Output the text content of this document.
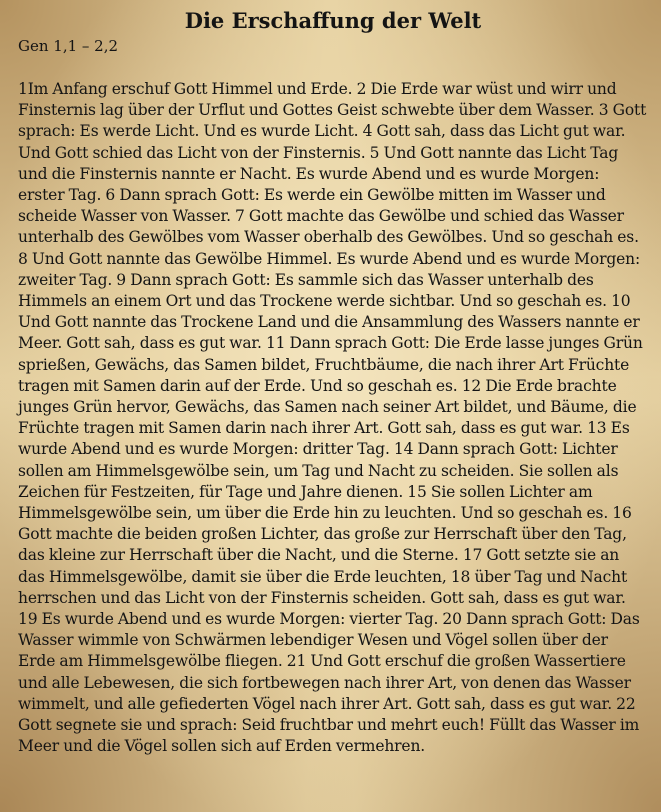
Die Erschaffung der Welt

Gen 1,1 – 2,2

1Im Anfang erschuf Gott Himmel und Erde. 2 Die Erde war wüst und wirr und Finsternis lag über der Urflut und Gottes Geist schwebte über dem Wasser. 3 Gott sprach: Es werde Licht. Und es wurde Licht. 4 Gott sah, dass das Licht gut war. Und Gott schied das Licht von der Finsternis. 5 Und Gott nannte das Licht Tag und die Finsternis nannte er Nacht. Es wurde Abend und es wurde Morgen: erster Tag. 6 Dann sprach Gott: Es werde ein Gewölbe mitten im Wasser und scheide Wasser von Wasser. 7 Gott machte das Gewölbe und schied das Wasser unterhalb des Gewölbes vom Wasser oberhalb des Gewölbes. Und so geschah es. 8 Und Gott nannte das Gewölbe Himmel. Es wurde Abend und es wurde Morgen: zweiter Tag. 9 Dann sprach Gott: Es sammle sich das Wasser unterhalb des Himmels an einem Ort und das Trockene werde sichtbar. Und so geschah es. 10 Und Gott nannte das Trockene Land und die Ansammlung des Wassers nannte er Meer. Gott sah, dass es gut war. 11 Dann sprach Gott: Die Erde lasse junges Grün sprießen, Gewächs, das Samen bildet, Fruchtbäume, die nach ihrer Art Früchte tragen mit Samen darin auf der Erde. Und so geschah es. 12 Die Erde brachte junges Grün hervor, Gewächs, das Samen nach seiner Art bildet, und Bäume, die Früchte tragen mit Samen darin nach ihrer Art. Gott sah, dass es gut war. 13 Es wurde Abend und es wurde Morgen: dritter Tag. 14 Dann sprach Gott: Lichter sollen am Himmelsgewölbe sein, um Tag und Nacht zu scheiden. Sie sollen als Zeichen für Festzeiten, für Tage und Jahre dienen. 15 Sie sollen Lichter am Himmelsgewölbe sein, um über die Erde hin zu leuchten. Und so geschah es. 16 Gott machte die beiden großen Lichter, das große zur Herrschaft über den Tag, das kleine zur Herrschaft über die Nacht, und die Sterne. 17 Gott setzte sie an das Himmelsgewölbe, damit sie über die Erde leuchten, 18 über Tag und Nacht herrschen und das Licht von der Finsternis scheiden. Gott sah, dass es gut war. 19 Es wurde Abend und es wurde Morgen: vierter Tag. 20 Dann sprach Gott: Das Wasser wimmle von Schwärmen lebendiger Wesen und Vögel sollen über der Erde am Himmelsgewölbe fliegen. 21 Und Gott erschuf die großen Wassertiere und alle Lebewesen, die sich fortbewegen nach ihrer Art, von denen das Wasser wimmelt, und alle gefiederten Vögel nach ihrer Art. Gott sah, dass es gut war. 22 Gott segnete sie und sprach: Seid fruchtbar und mehrt euch! Füllt das Wasser im Meer und die Vögel sollen sich auf Erden vermehren.
